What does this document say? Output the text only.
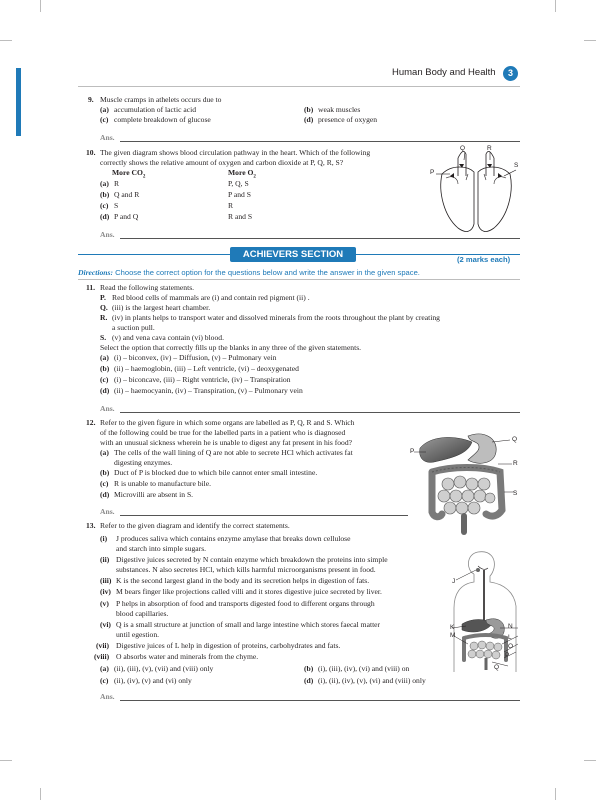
Human Body and Health	3
9. Muscle cramps in athelets occurs due to
(a) accumulation of lactic acid	(b) weak muscles
(c) complete breakdown of glucose	(d) presence of oxygen
Ans.
10. The given diagram shows blood circulation pathway in the heart. Which of the following
correctly shows the relative amount of oxygen and carbon dioxide at P, Q, R, S?
More $CO_2$
More $O_2$
(a) R	P, Q, S
(b) Q and R	P and S
(c) S	R
(d) P and Q	R and S
Ans.
P
Q	R
S
ACHIEVERS SECTION	(2 marks each)
Directions: Choose the correct option for the questions below and write the answer in the given space.
11. Read the following statements.
P. Red blood cells of mammals are (i) and contain red pigment (ii) .
Q. (iii) is the largest heart chamber.
R. (iv) in plants helps to transport water and dissolved minerals from the roots throughout the plant by creating
a suction pull.
S. (v) and vena cava contain (vi) blood.
Select the option that correctly fills up the blanks in any three of the given statements.
(a) (i) – biconvex, (iv) – Diffusion, (v) – Pulmonary vein
(b) (ii) – haemoglobin, (iii) – Left ventricle, (vi) – deoxygenated
(c) (i) – biconcave, (iii) – Right ventricle, (iv) – Transpiration
(d) (ii) – haemocyanin, (iv) – Transpiration, (v) – Pulmonary vein
Ans.
12. Refer to the given figure in which some organs are labelled as P, Q, R and S. Which
of the following could be true for the labelled parts in a patient who is diagnosed
with an unusual sickness wherein he is unable to digest any fat present in his food?
(a) The cells of the wall lining of Q are not able to secrete HCl which activates fat
digesting enzymes.
(b) Duct of P is blocked due to which bile cannot enter small intestine.
(c) R is unable to manufacture bile.
(d) Microvilli are absent in S.
Ans.
P
Q
R
S
13. Refer to the given diagram and identify the correct statements.
(i) J produces saliva which contains enzyme amylase that breaks down cellulose
and starch into simple sugars.
(ii) Digestive juices secreted by N contain enzyme which breakdown the proteins into simple
substances. N also secretes HCl, which kills harmful microorganisms present in food.
(iii) K is the second largest gland in the body and its secretion helps in digestion of fats.
(iv) M bears finger like projections called villi and it stores digestive juice secreted by liver.
(v) P helps in absorption of food and transports digested food to different organs through
blood capillaries.
(vi) Q is a small structure at junction of small and large intestine which stores faecal matter
until egestion.
(vii) Digestive juices of L help in digestion of proteins, carbohydrates and fats.
(viii) O absorbs water and minerals from the chyme.
(a) (ii), (iii), (v), (vii) and (viii) only	(b) (i), (iii), (iv), (vi) and (viii) on
(c) (ii), (iv), (v) and (vi) only	(d) (i), (ii), (iv), (v), (vi) and (viii) only
Ans.
J
K
M
N
L
O
P
Q
